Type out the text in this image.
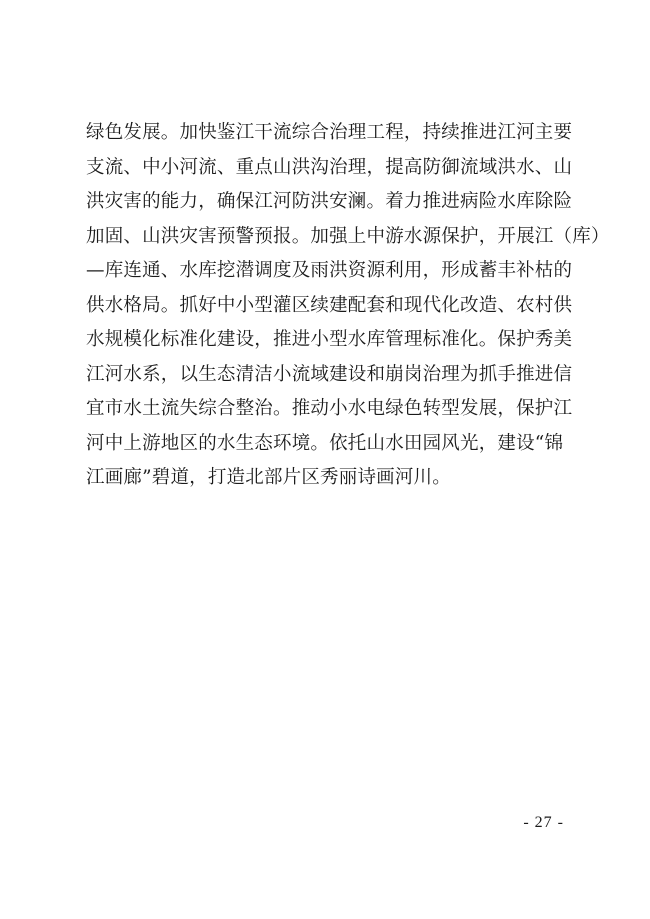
绿色发展。加快鉴江干流综合治理工程，持续推进江河主要
支流、中小河流、重点山洪沟治理，提高防御流域洪水、山
洪灾害的能力，确保江河防洪安澜。着力推进病险水库除险
加固、山洪灾害预警预报。加强上中游水源保护，开展江（库）
—库连通、水库挖潜调度及雨洪资源利用，形成蓄丰补枯的
供水格局。抓好中小型灌区续建配套和现代化改造、农村供
水规模化标准化建设，推进小型水库管理标准化。保护秀美
江河水系，以生态清洁小流域建设和崩岗治理为抓手推进信
宜市水土流失综合整治。推动小水电绿色转型发展，保护江
河中上游地区的水生态环境。依托山水田园风光，建设“锦
江画廊”碧道，打造北部片区秀丽诗画河川。
- 27 -
